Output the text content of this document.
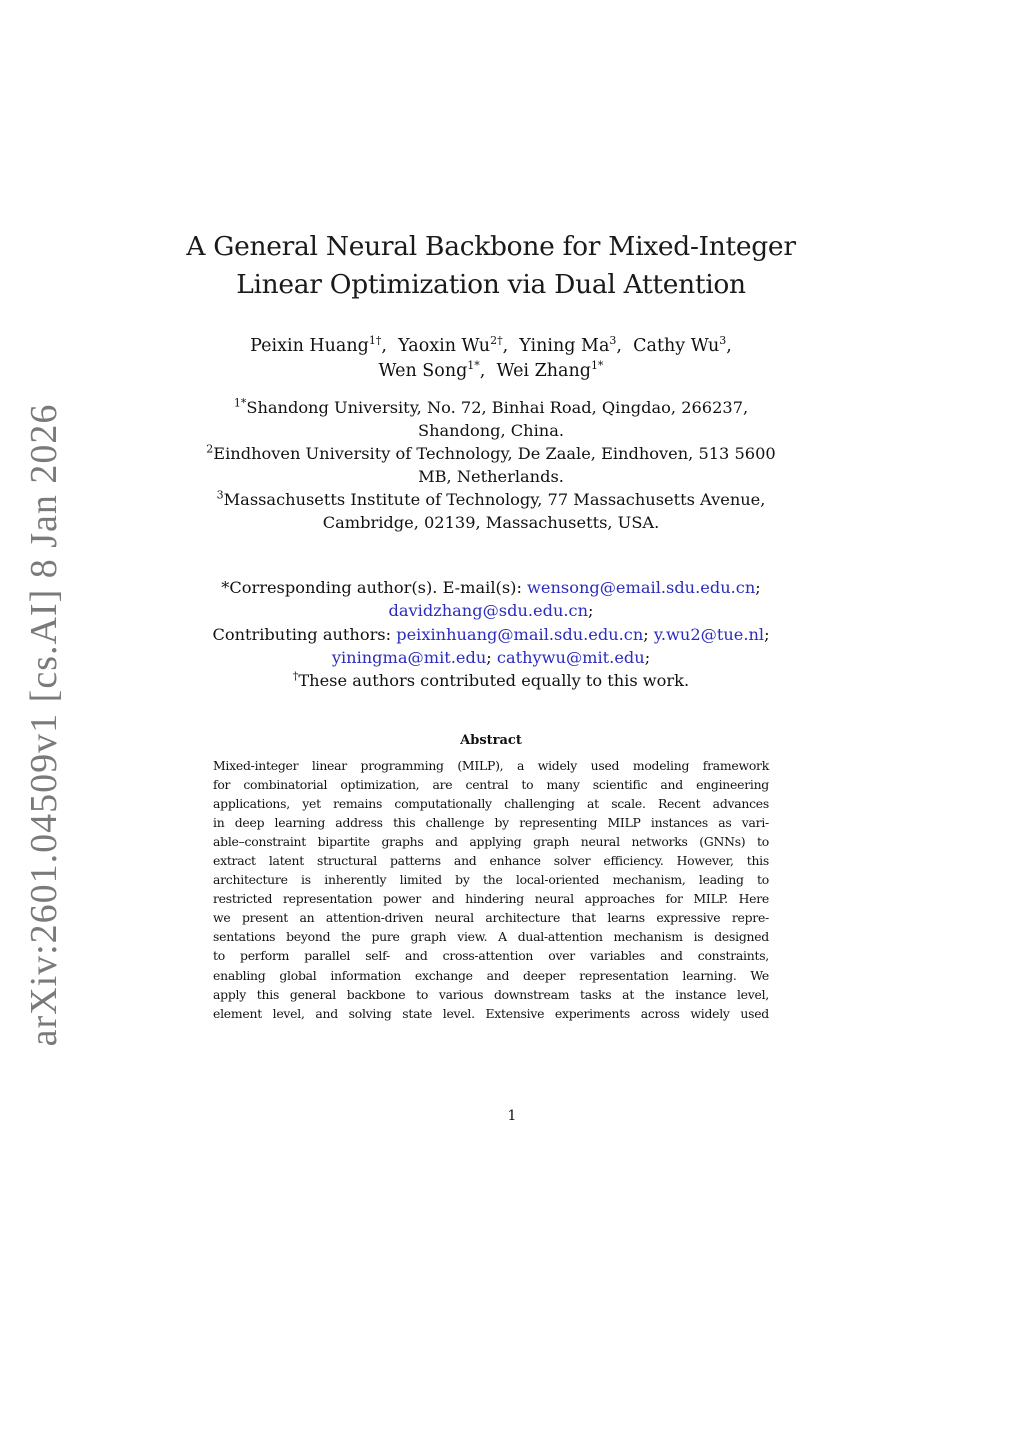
arXiv:2601.04509v1 [cs.AI] 8 Jan 2026
A General Neural Backbone for Mixed-Integer
Linear Optimization via Dual Attention
Peixin Huang$^{1\dagger}$, Yaoxin $Wu^{2\dagger}$, Yining Ma$^3$, Cathy Wu$^3$,
Wen Song$^{1*}$, Wei Zhang$^{1*}$
$^{1*}$Shandong University, No. 72, Binhai Road, Qingdao, 266237,
Shandong, China.
$^2$Eindhoven University of Technology, De Zaale, Eindhoven, 513 5600
MB, Netherlands.
$^3$Massachusetts Institute of Technology, 77 Massachusetts Avenue,
Cambridge, 02139, Massachusetts, USA.
*Corresponding author(s). E-mail(s): wensong@email.sdu.edu.cn;
davidzhang@sdu.edu.cn;
Contributing authors: peixinhuang@mail.sdu.edu.cn; y.wu2@tue.nl;
yiningma@mit.edu; cathywu@mit.edu;
†These authors contributed equally to this work.
Abstract
Mixed-integer linear programming (MILP), a widely used modeling framework
for combinatorial optimization, are central to many scientific and engineering
applications, yet remains computationally challenging at scale. Recent advances
in deep learning address this challenge by representing MILP instances as vari-
able–constraint bipartite graphs and applying graph neural networks (GNNs) to
extract latent structural patterns and enhance solver efficiency. However, this
architecture is inherently limited by the local-oriented mechanism, leading to
restricted representation power and hindering neural approaches for MILP. Here
we present an attention-driven neural architecture that learns expressive repre-
sentations beyond the pure graph view. A dual-attention mechanism is designed
to perform parallel self- and cross-attention over variables and constraints,
enabling global information exchange and deeper representation learning. We
apply this general backbone to various downstream tasks at the instance level,
element level, and solving state level. Extensive experiments across widely used
1
